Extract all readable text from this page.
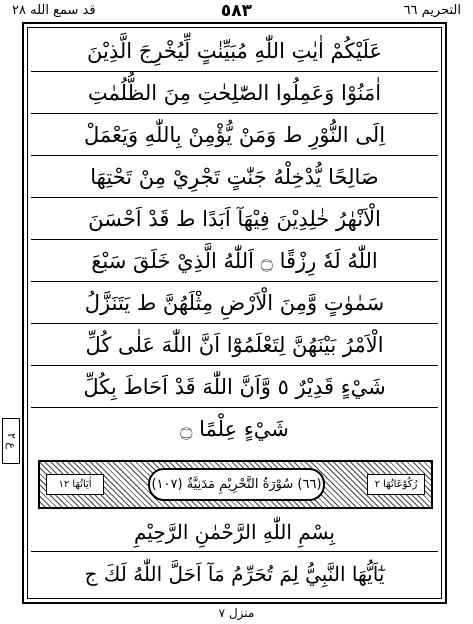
قد سمع الله ٢٨	٥٨٣	التحريم ٦٦
عَلَيْكُمْ اٰيٰتِ اللّٰهِ مُبَيِّنٰتٍ لِّيُخْرِجَ الَّذِيْنَ
اٰمَنُوْا وَعَمِلُوا الصّٰلِحٰتِ مِنَ الظُّلُمٰتِ
اِلَى النُّوْرِ ط وَمَنْ يُّؤْمِنْ بِاللّٰهِ وَيَعْمَلْ
صَالِحًا يُّدْخِلْهُ جَنّٰتٍ تَجْرِيْ مِنْ تَحْتِهَا
الْاَنْهٰرُ خٰلِدِيْنَ فِيْهَآ اَبَدًا ط قَدْ اَحْسَنَ
اللّٰهُ لَهٗ رِزْقًا ۝ اَللّٰهُ الَّذِيْ خَلَقَ سَبْعَ
سَمٰوٰتٍ وَّمِنَ الْاَرْضِ مِثْلَهُنَّ ط يَتَنَزَّلُ
الْاَمْرُ بَيْنَهُنَّ لِتَعْلَمُوْٓا اَنَّ اللّٰهَ عَلٰى كُلِّ
شَيْءٍ قَدِيْرٌ ٥ وَّاَنَّ اللّٰهَ قَدْ اَحَاطَ بِكُلِّ
شَيْءٍ عِلْمًا ۝
اٰيَاتُهَا ١٢	(٦٦) سُوْرَةُ التَّحْرِيْمِ مَدَنِيَّةٌ (١٠٧)	رُكُوْعَاتُهَا ٢
بِسْمِ اللّٰهِ الرَّحْمٰنِ الرَّحِيْمِ
يٰٓاَيُّهَا النَّبِيُّ لِمَ تُحَرِّمُ مَآ اَحَلَّ اللّٰهُ لَكَ ج
ع ٢
منزل ٧
